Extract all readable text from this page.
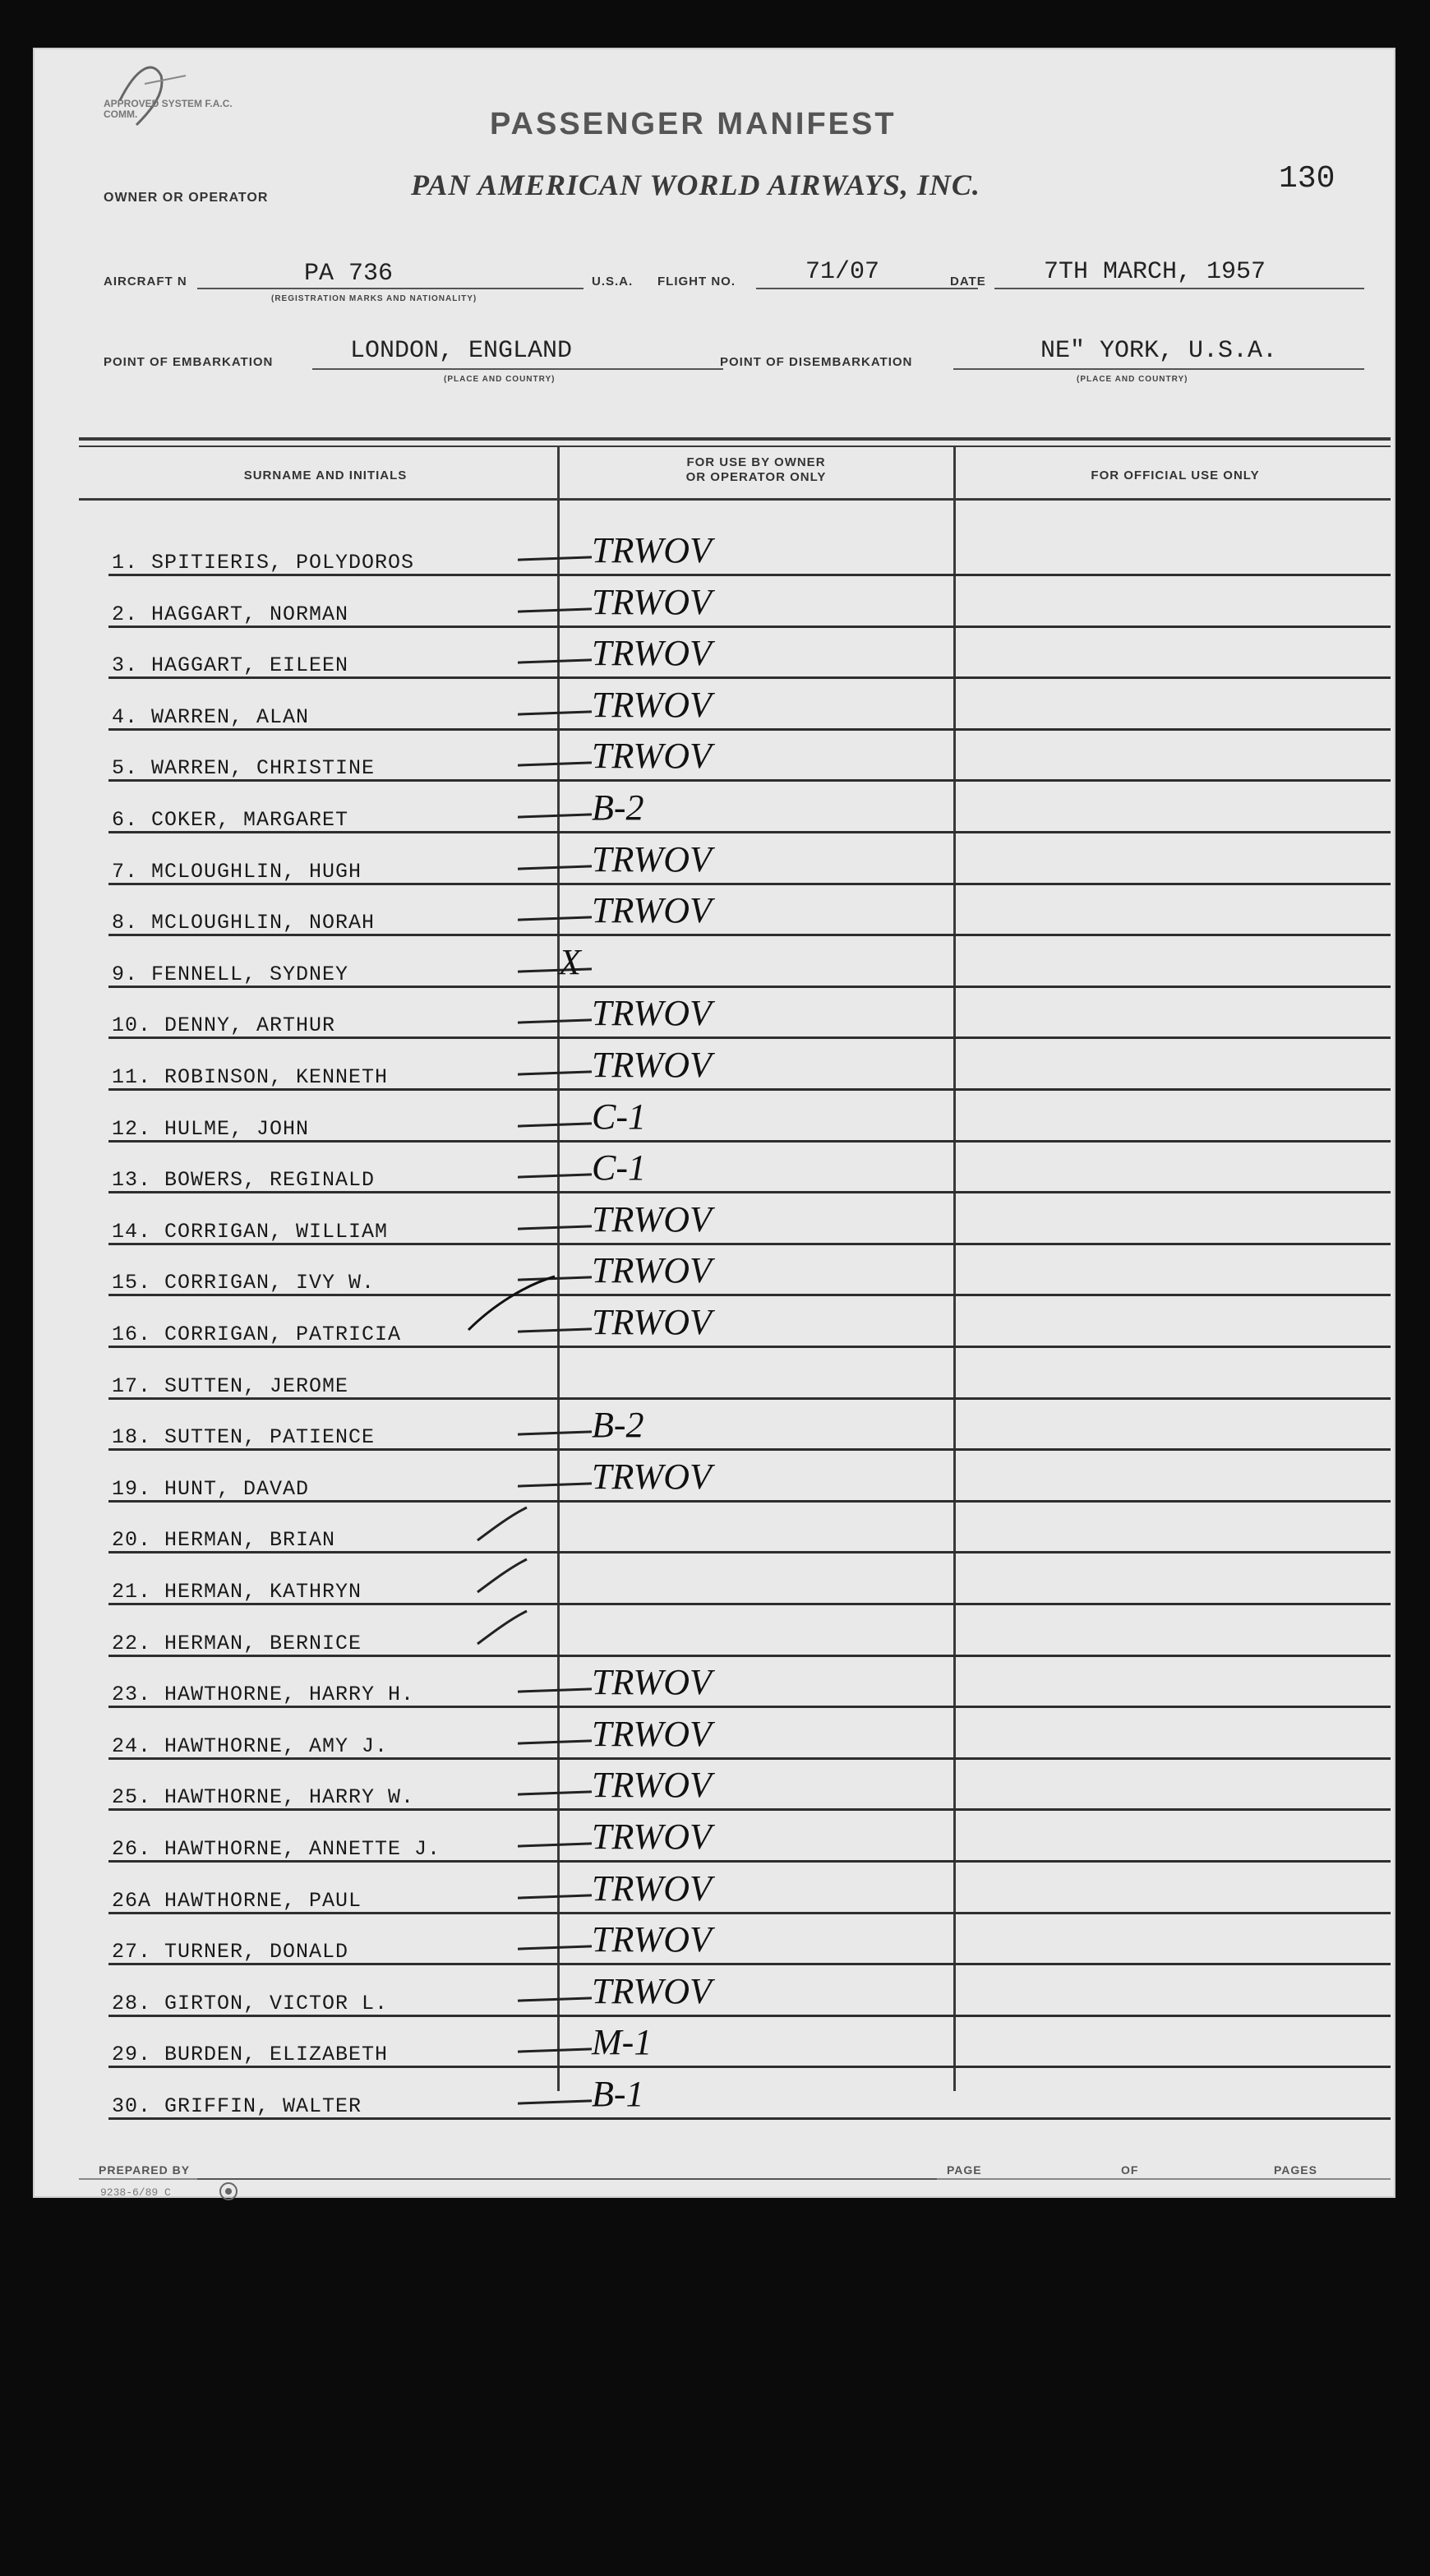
APPROVED SYSTEM F.A.C. COMM.
OWNER OR OPERATOR
PASSENGER MANIFEST
PAN AMERICAN WORLD AIRWAYS, INC.	130
AIRCRAFT N	PA 736
(REGISTRATION MARKS AND NATIONALITY)
U.S.A. FLIGHT NO.	71/07	DATE 7TH MARCH, 1957
POINT OF EMBARKATION	LONDON, ENGLAND
(PLACE AND COUNTRY)
POINT OF DISEMBARKATION	NEʺ YORK, U.S.A.
(PLACE AND COUNTRY)
SURNAME AND INITIALS
FOR USE BY OWNER
OR OPERATOR ONLY	FOR OFFICIAL USE ONLY
1. SPITIERIS, POLYDOROS	TRWOV
2. HAGGART, NORMAN	TRWOV
3. HAGGART, EILEEN	TRWOV
4. WARREN, ALAN	TRWOV
5. WARREN, CHRISTINE	TRWOV
6. COKER, MARGARET	B-2
7. MCLOUGHLIN, HUGH	TRWOV
8. MCLOUGHLIN, NORAH	TRWOV
9. FENNELL, SYDNEY	X
10. DENNY, ARTHUR	TRWOV
11. ROBINSON, KENNETH	TRWOV
12. HULME, JOHN	C-1
13. BOWERS, REGINALD	C-1
14. CORRIGAN, WILLIAM	TRWOV
15. CORRIGAN, IVY W.	TRWOV
16. CORRIGAN, PATRICIA	TRWOV
17. SUTTEN, JEROME
18. SUTTEN, PATIENCE	B-2
19. HUNT, DAVAD	TRWOV
20. HERMAN, BRIAN
21. HERMAN, KATHRYN
22. HERMAN, BERNICE
23. HAWTHORNE, HARRY H.	TRWOV
24. HAWTHORNE, AMY J.	TRWOV
25. HAWTHORNE, HARRY W.	TRWOV
26. HAWTHORNE, ANNETTE J.	TRWOV
26A HAWTHORNE, PAUL	TRWOV
27. TURNER, DONALD	TRWOV
28. GIRTON, VICTOR L.	TRWOV
29. BURDEN, ELIZABETH	M-1
30. GRIFFIN, WALTER	B-1
PREPARED BY	PAGE	OF	PAGES
9238-6/89 C
